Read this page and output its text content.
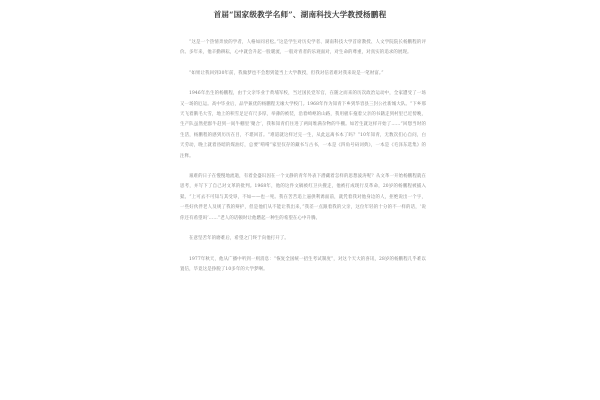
首届“国家级教学名师”、湖南科技大学教授杨鹏程

“这是一个热情奔放的学者，人格如同君松。”这是学生对历史学者、湖南科技大学首席教授、人文学院院长杨鹏程的评价。多年来，他辛勤耕耘，心中就会升起一股暖流，一般对青者的乐观面对，对生命的尊重，对真实的追求的展现。

“如果让我回到30年前，我做梦也不会想到能当上大学教授，但我对信者难对我来说是一笔财富。”

1946年出生的杨鹏程，由于父亲毕业于黄埔军校，当过国民党军官，在随之而来的历次政治运动中，全家遭受了一场又一场的厄运。高中毕业后，品学兼优的杨鹏程无缘大学校门。1968年作为知青下乡到华容县三封公社新城大队。“下乡那天飞着鹅毛大雪，地上的积雪足足有尺多厚，举薄的被装，沿着崎岖的山路，我用板车拖着父亲的书籍走到村里已近傍晚，生产队虽然把群牛赶到一间牛棚里‘聚合’，我和知青们住进了两间堆满杂物的牛棚。如若生就这样开始了……”回想当时的生活，杨鹏程的感到历历在目，不堪回首。“难道就这样过完一生，从此远离书本了吗？”10年知青，无数次扪心自问，白天劳动，晚上就着昏暗的煤油灯，总要“啃啃”家里仅存的藏书与古书，一本是《四角号码词典》，一本是《毛泽东选集》的注释。

艰难的日子在慢慢地流逝，有着金盛识因在一个文静的青年外表下潜藏着怎样的思想波涛呢？从文革一开始杨鹏程就在思考，并写下了自己对文革的批判。1968年，他的这件文稿被红卫兵搜走，他被打成现行反革命，20岁的杨鹏程被捕入狱。“上可去不可知与其受辱，不如——也一死。我在苦苦追上逼供利诱面前，就凭着我对他身边的人，拒绝说出一个字，一些好伙伴老人及规了我的辩护，但是他们从不能让我出来，”我差一点跟着我的父亲，这位年轻的十分的不一样的话，‘说你还有希望吗’……”老人的话顿时让他燃起一种生的希望在心中升腾。

在意坚苦年的磨难后，希望之门终于向他打开了。

1977年秋天，他从广播中听到一则消息：“恢复全国统一招生考试制度”，对这个天大的喜讯，28岁的杨鹏程几乎难以置信，毕竟这是挣脱了10多年的大学梦啊。
